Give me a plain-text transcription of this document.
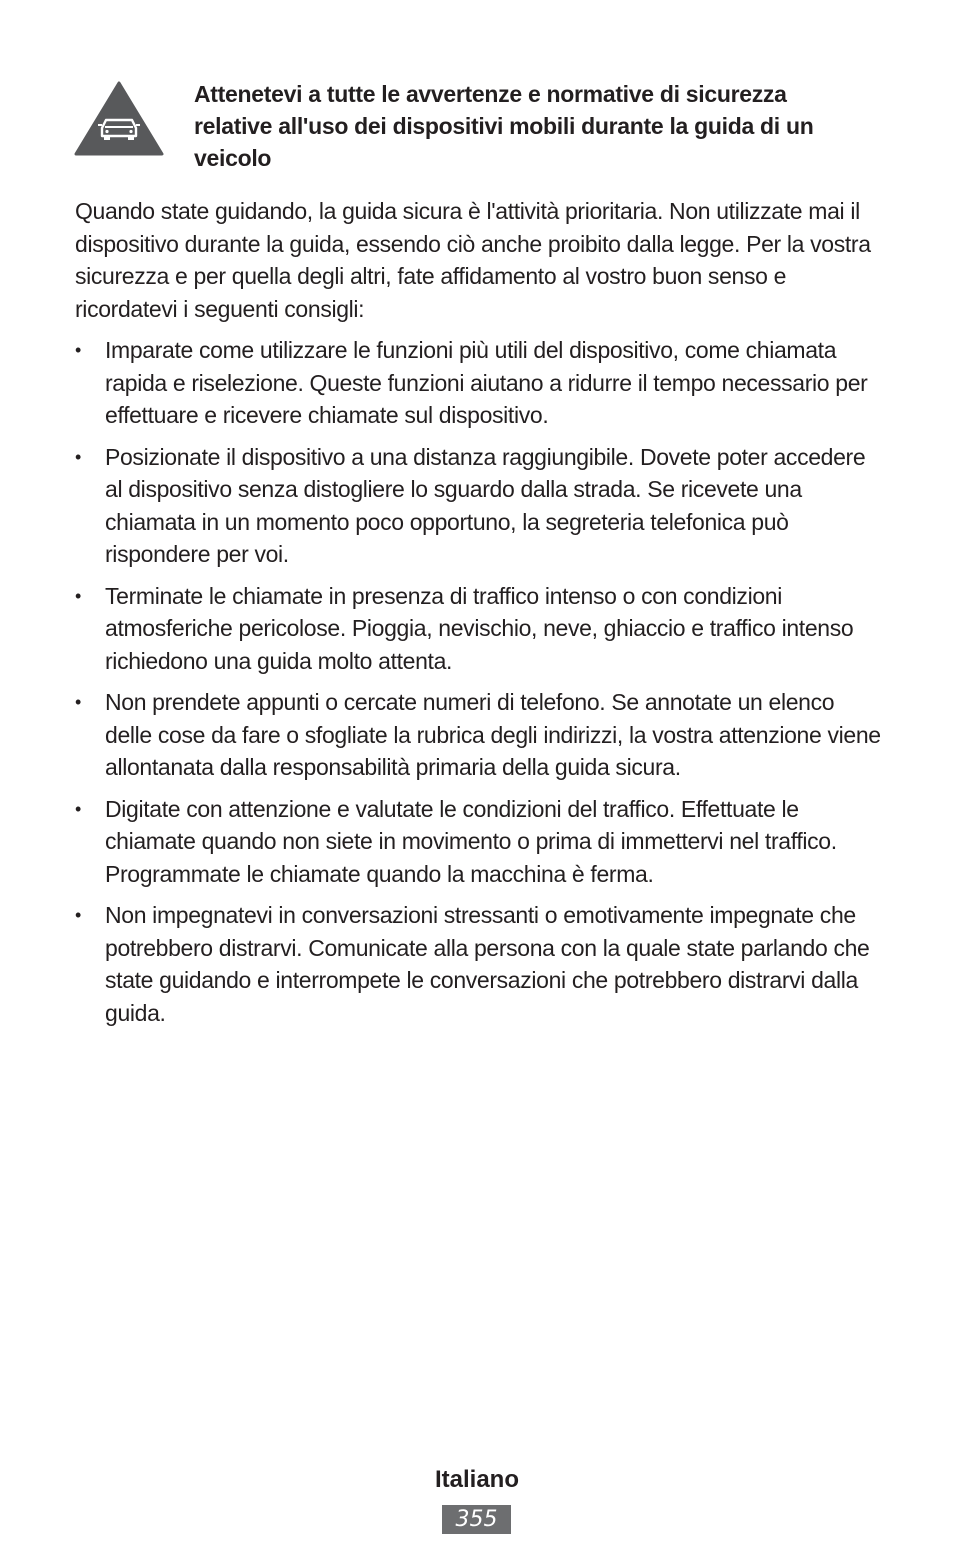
Attenetevi a tutte le avvertenze e normative di sicurezza relative all'uso dei dispositivi mobili durante la guida di un veicolo

Quando state guidando, la guida sicura è l'attività prioritaria. Non utilizzate mai il dispositivo durante la guida, essendo ciò anche proibito dalla legge. Per la vostra sicurezza e per quella degli altri, fate affidamento al vostro buon senso e ricordatevi i seguenti consigli:

• Imparate come utilizzare le funzioni più utili del dispositivo, come chiamata rapida e riselezione. Queste funzioni aiutano a ridurre il tempo necessario per effettuare e ricevere chiamate sul dispositivo.
• Posizionate il dispositivo a una distanza raggiungibile. Dovete poter accedere al dispositivo senza distogliere lo sguardo dalla strada. Se ricevete una chiamata in un momento poco opportuno, la segreteria telefonica può rispondere per voi.
• Terminate le chiamate in presenza di traffico intenso o con condizioni atmosferiche pericolose. Pioggia, nevischio, neve, ghiaccio e traffico intenso richiedono una guida molto attenta.
• Non prendete appunti o cercate numeri di telefono. Se annotate un elenco delle cose da fare o sfogliate la rubrica degli indirizzi, la vostra attenzione viene allontanata dalla responsabilità primaria della guida sicura.
• Digitate con attenzione e valutate le condizioni del traffico. Effettuate le chiamate quando non siete in movimento o prima di immettervi nel traffico. Programmate le chiamate quando la macchina è ferma.
• Non impegnatevi in conversazioni stressanti o emotivamente impegnate che potrebbero distrarvi. Comunicate alla persona con la quale state parlando che state guidando e interrompete le conversazioni che potrebbero distrarvi dalla guida.
Italiano
355
